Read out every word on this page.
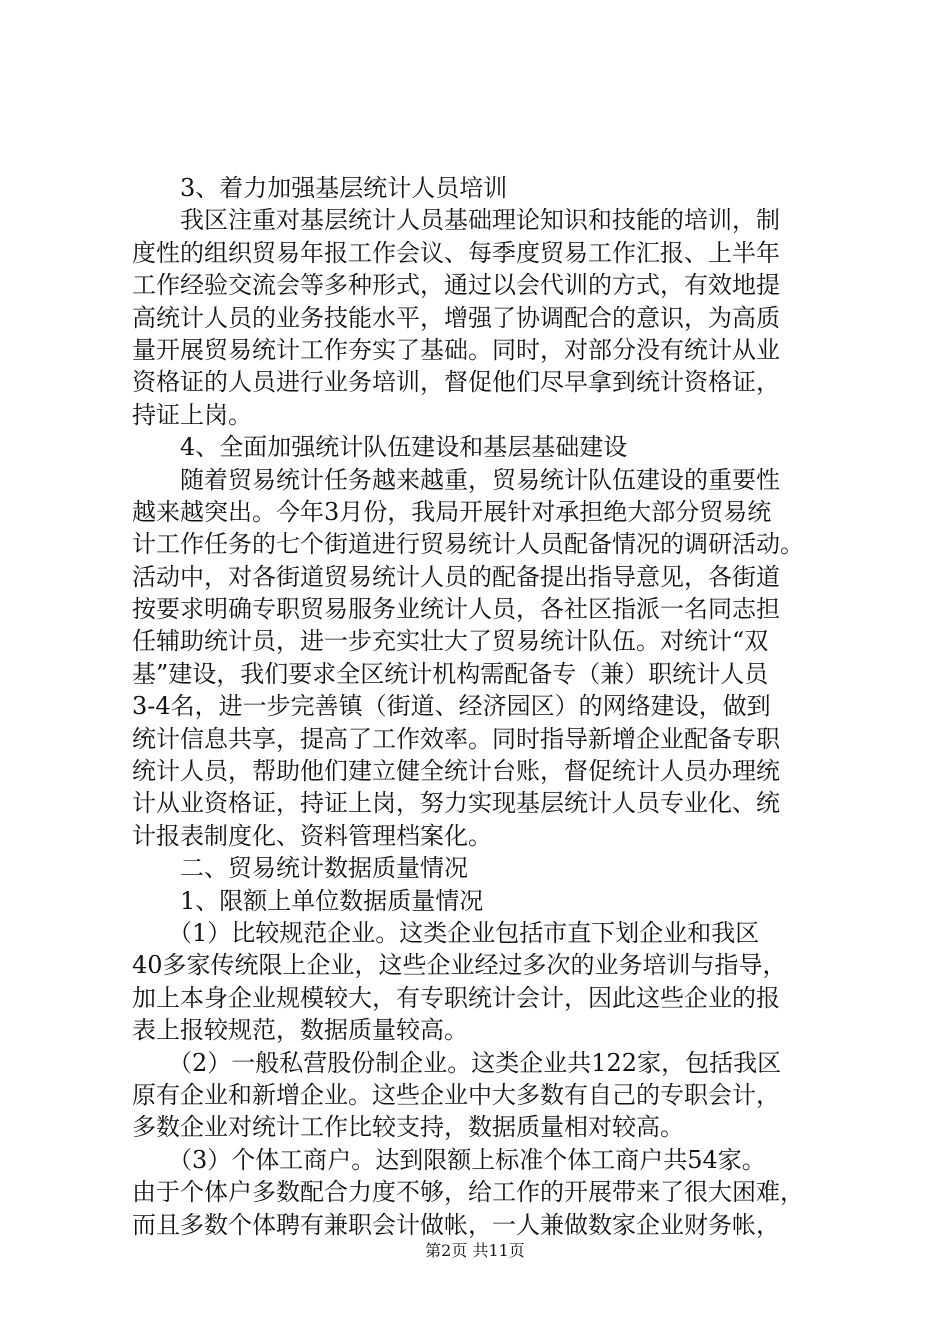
3、着力加强基层统计人员培训
我区注重对基层统计人员基础理论知识和技能的培训，制
度性的组织贸易年报工作会议、每季度贸易工作汇报、上半年
工作经验交流会等多种形式，通过以会代训的方式，有效地提
高统计人员的业务技能水平，增强了协调配合的意识，为高质
量开展贸易统计工作夯实了基础。同时，对部分没有统计从业
资格证的人员进行业务培训，督促他们尽早拿到统计资格证，
持证上岗。
4、全面加强统计队伍建设和基层基础建设
随着贸易统计任务越来越重，贸易统计队伍建设的重要性
越来越突出。今年3月份，我局开展针对承担绝大部分贸易统
计工作任务的七个街道进行贸易统计人员配备情况的调研活动。
活动中，对各街道贸易统计人员的配备提出指导意见，各街道
按要求明确专职贸易服务业统计人员，各社区指派一名同志担
任辅助统计员，进一步充实壮大了贸易统计队伍。对统计“双
基”建设，我们要求全区统计机构需配备专（兼）职统计人员
3-4名，进一步完善镇（街道、经济园区）的网络建设，做到
统计信息共享，提高了工作效率。同时指导新增企业配备专职
统计人员，帮助他们建立健全统计台账，督促统计人员办理统
计从业资格证，持证上岗，努力实现基层统计人员专业化、统
计报表制度化、资料管理档案化。
二、贸易统计数据质量情况
1、限额上单位数据质量情况
（1）比较规范企业。这类企业包括市直下划企业和我区
40多家传统限上企业，这些企业经过多次的业务培训与指导，
加上本身企业规模较大，有专职统计会计，因此这些企业的报
表上报较规范，数据质量较高。
（2）一般私营股份制企业。这类企业共122家，包括我区
原有企业和新增企业。这些企业中大多数有自己的专职会计，
多数企业对统计工作比较支持，数据质量相对较高。
（3）个体工商户。达到限额上标准个体工商户共54家。
由于个体户多数配合力度不够，给工作的开展带来了很大困难，
而且多数个体聘有兼职会计做帐，一人兼做数家企业财务帐，
第2页 共11页
